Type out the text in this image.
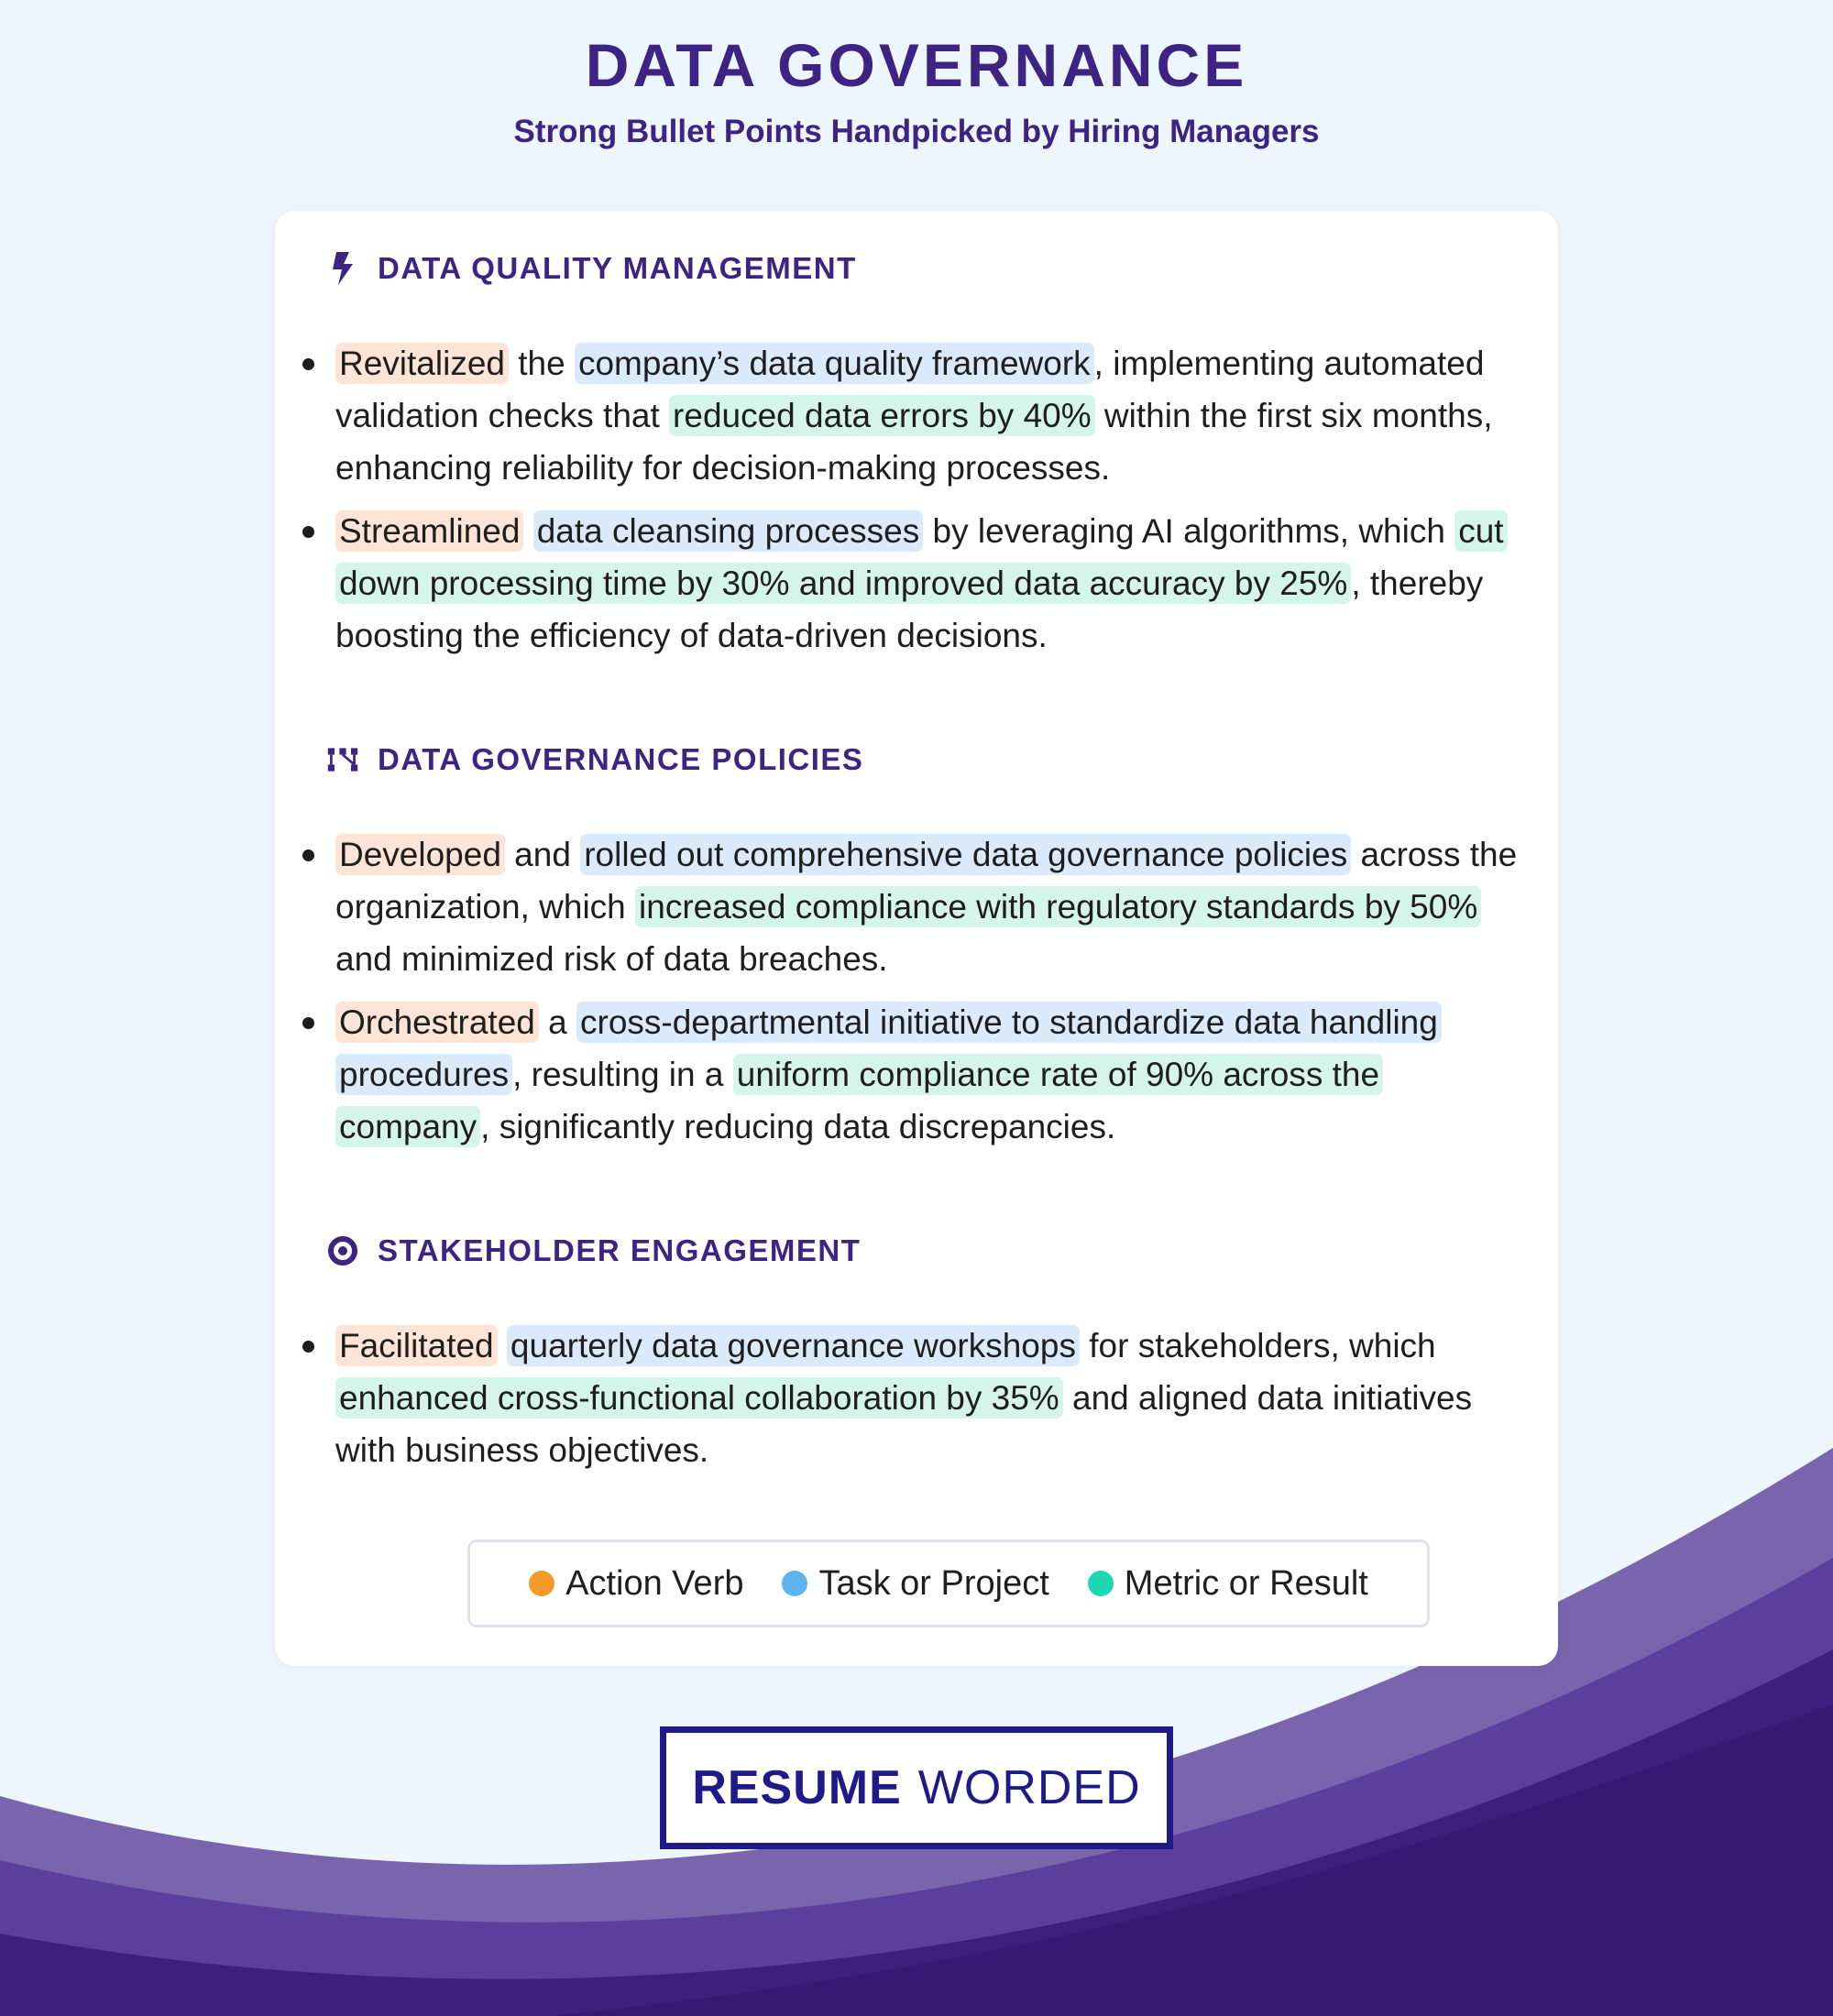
DATA GOVERNANCE
Strong Bullet Points Handpicked by Hiring Managers
DATA QUALITY MANAGEMENT
Revitalized the company’s data quality framework , implementing automated validation checks that reduced data errors by 40% within the first six months, enhancing reliability for decision-making processes.
Streamlined data cleansing processes by leveraging AI algorithms, which cut down processing time by 30% and improved data accuracy by 25% , thereby boosting the efficiency of data-driven decisions.
DATA GOVERNANCE POLICIES
Developed and rolled out comprehensive data governance policies across the organization, which increased compliance with regulatory standards by 50% and minimized risk of data breaches.
Orchestrated a cross-departmental initiative to standardize data handling procedures , resulting in a uniform compliance rate of 90% across the company , significantly reducing data discrepancies.
STAKEHOLDER ENGAGEMENT
Facilitated quarterly data governance workshops for stakeholders, which enhanced cross-functional collaboration by 35% and aligned data initiatives with business objectives.
Action Verb Task or Project Metric or Result
RESUME WORDED
